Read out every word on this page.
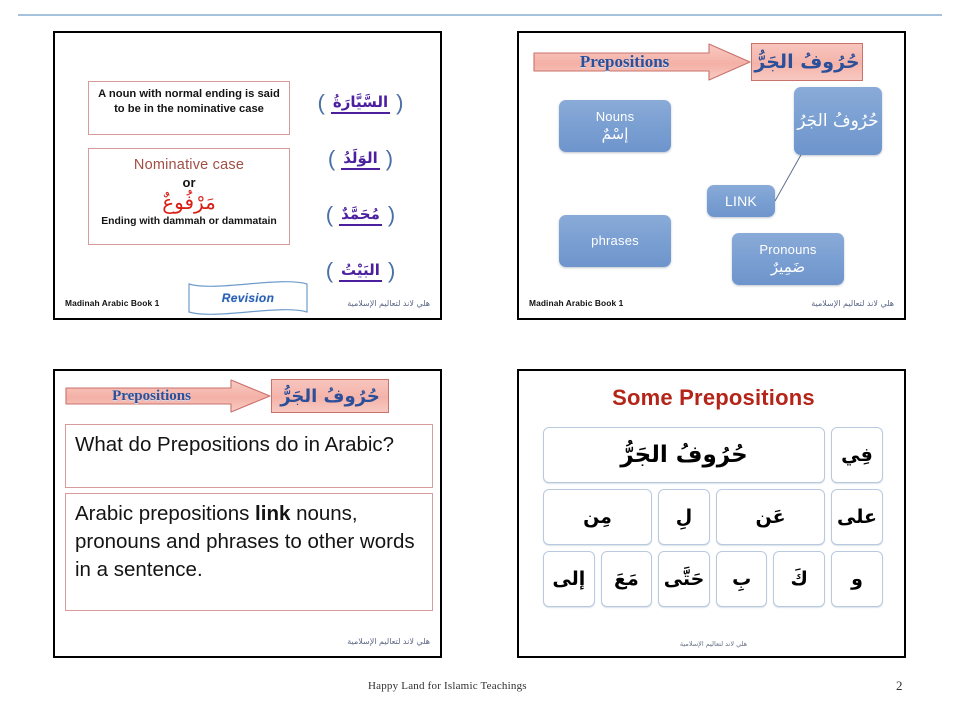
A noun with normal ending is said to be in the nominative case
Nominative case
or
مَرْفُوعٌ
Ending with dammah or dammatain
( السَّيَّارَةُ )
( الوَلَدُ )
( مُحَمَّدٌ )
( البَيْتُ )
Revision
Madinah Arabic Book 1	هلي لاند لتعاليم الإسلامية
Prepositions	حُرُوفُ الجَرُّ
Nouns
إسْمٌ
phrases
LINK
Pronouns
ضَمِيرٌ
حُرُوفُ الجَرُ
Madinah Arabic Book 1	هلي لاند لتعاليم الإسلامية
Prepositions	حُرُوفُ الجَرُّ
What do Prepositions do in Arabic?
Arabic prepositions link nouns, pronouns and phrases to other words in a sentence.
هلي لاند لتعاليم الإسلامية
Some Prepositions
فِي
حُرُوفُ الجَرُّ
على
عَن
لِ
مِن
و
كَ
بِ
حَتَّى
مَعَ
إلى
هلي لاند لتعاليم الإسلامية
Happy Land for Islamic Teachings	2
